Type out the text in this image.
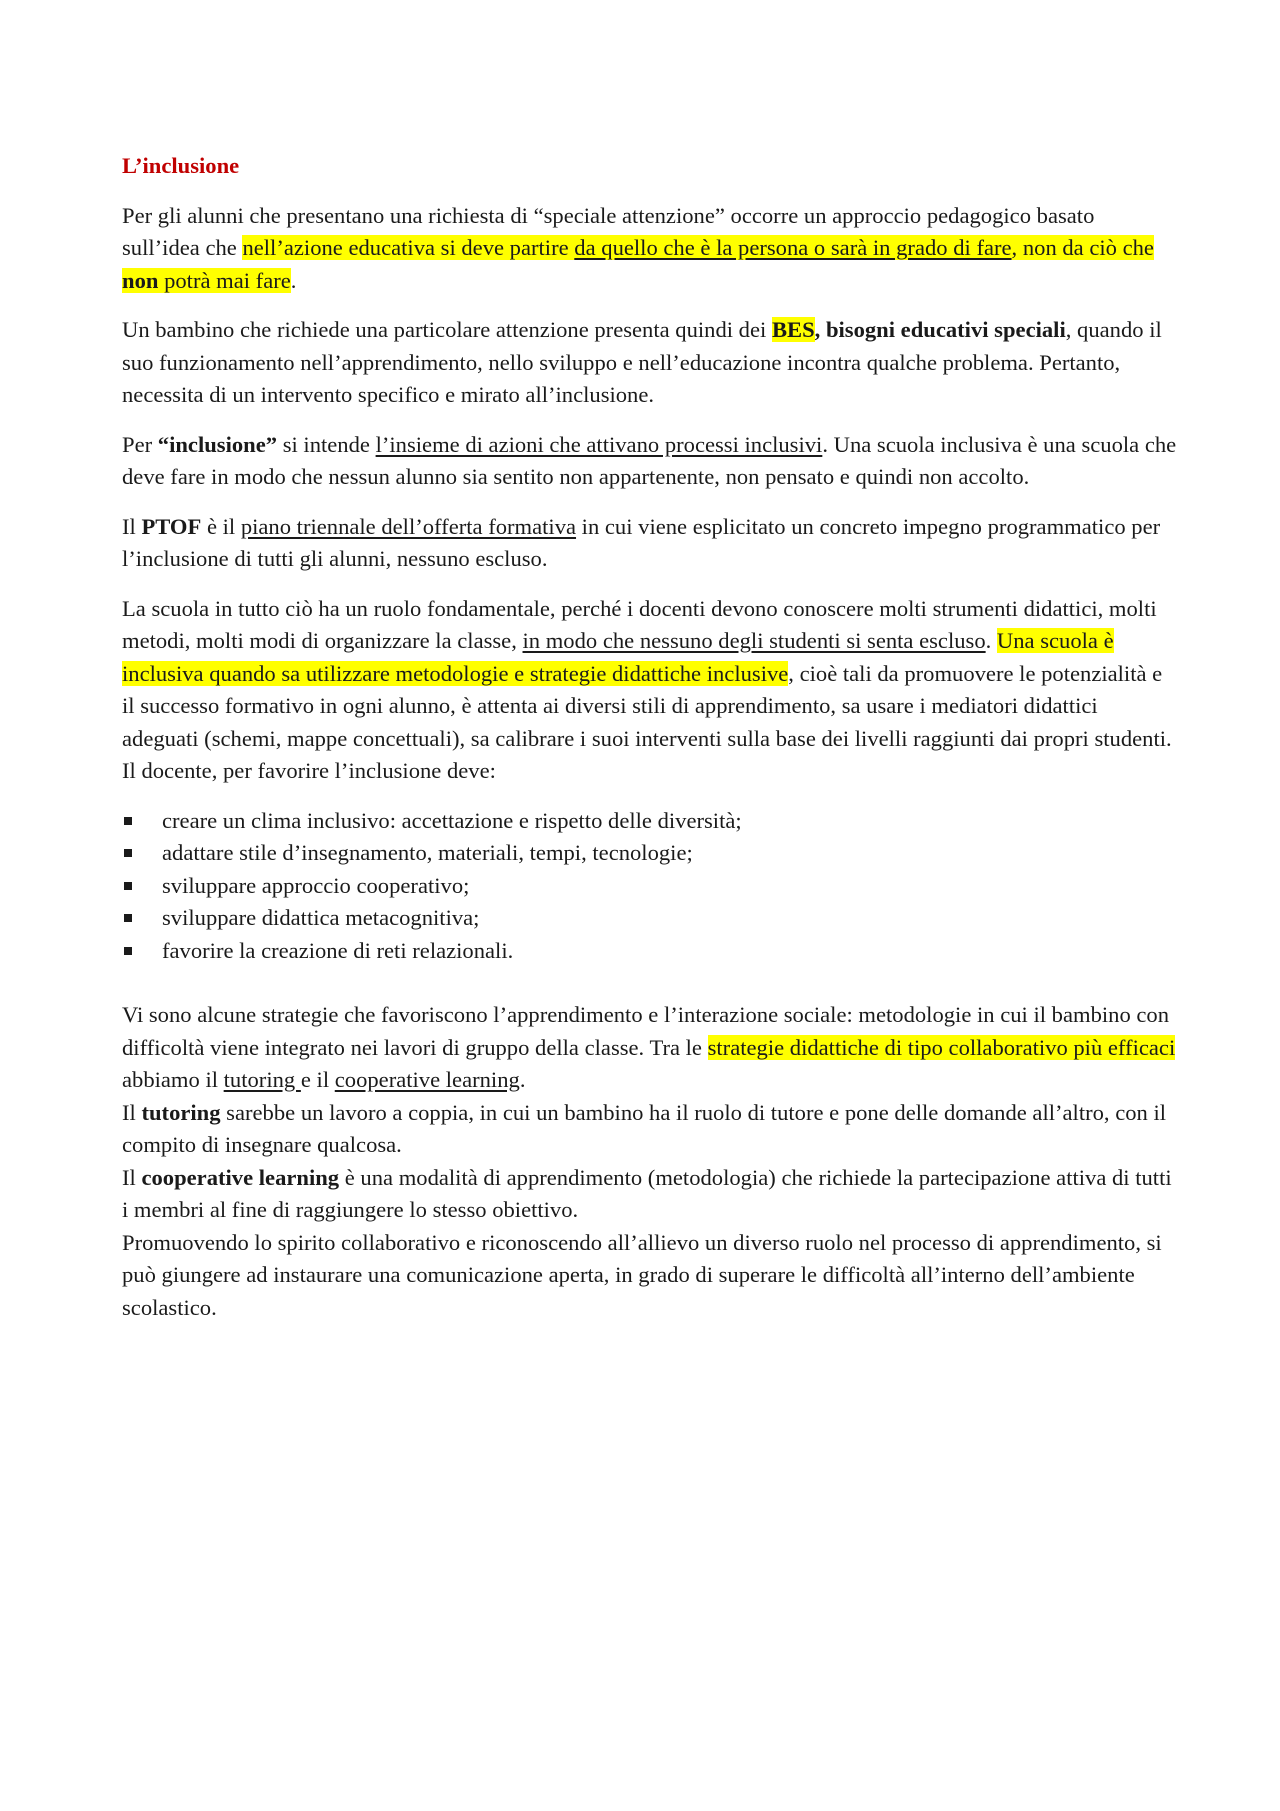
L’inclusione

Per gli alunni che presentano una richiesta di “speciale attenzione” occorre un approccio pedagogico basato sull’idea che nell’azione educativa si deve partire da quello che è la persona o sarà in grado di fare, non da ciò che non potrà mai fare.

Un bambino che richiede una particolare attenzione presenta quindi dei BES, bisogni educativi speciali, quando il suo funzionamento nell’apprendimento, nello sviluppo e nell’educazione incontra qualche problema. Pertanto, necessita di un intervento specifico e mirato all’inclusione.

Per “inclusione” si intende l’insieme di azioni che attivano processi inclusivi. Una scuola inclusiva è una scuola che deve fare in modo che nessun alunno sia sentito non appartenente, non pensato e quindi non accolto.

Il PTOF è il piano triennale dell’offerta formativa in cui viene esplicitato un concreto impegno programmatico per l’inclusione di tutti gli alunni, nessuno escluso.

La scuola in tutto ciò ha un ruolo fondamentale, perché i docenti devono conoscere molti strumenti didattici, molti metodi, molti modi di organizzare la classe, in modo che nessuno degli studenti si senta escluso. Una scuola è inclusiva quando sa utilizzare metodologie e strategie didattiche inclusive, cioè tali da promuovere le potenzialità e il successo formativo in ogni alunno, è attenta ai diversi stili di apprendimento, sa usare i mediatori didattici adeguati (schemi, mappe concettuali), sa calibrare i suoi interventi sulla base dei livelli raggiunti dai propri studenti. Il docente, per favorire l’inclusione deve:

creare un clima inclusivo: accettazione e rispetto delle diversità;
adattare stile d’insegnamento, materiali, tempi, tecnologie;
sviluppare approccio cooperativo;
sviluppare didattica metacognitiva;
favorire la creazione di reti relazionali.

Vi sono alcune strategie che favoriscono l’apprendimento e l’interazione sociale: metodologie in cui il bambino con difficoltà viene integrato nei lavori di gruppo della classe. Tra le strategie didattiche di tipo collaborativo più efficaci abbiamo il tutoring e il cooperative learning.

Il tutoring sarebbe un lavoro a coppia, in cui un bambino ha il ruolo di tutore e pone delle domande all’altro, con il compito di insegnare qualcosa.

Il cooperative learning è una modalità di apprendimento (metodologia) che richiede la partecipazione attiva di tutti i membri al fine di raggiungere lo stesso obiettivo.

Promuovendo lo spirito collaborativo e riconoscendo all’allievo un diverso ruolo nel processo di apprendimento, si può giungere ad instaurare una comunicazione aperta, in grado di superare le difficoltà all’interno dell’ambiente scolastico.
